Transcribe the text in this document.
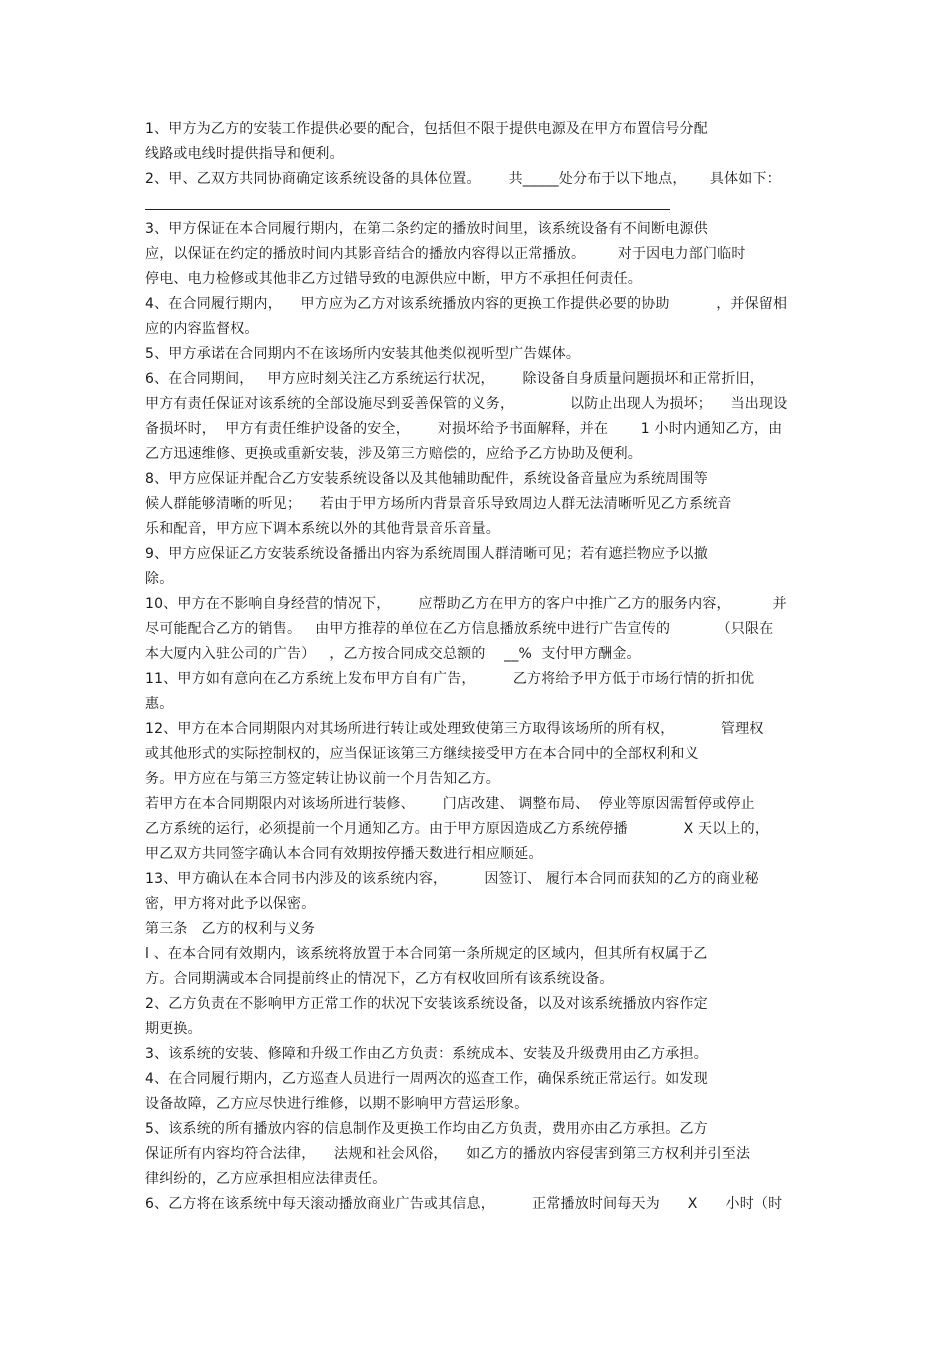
1、甲方为乙方的安装工作提供必要的配合，包括但不限于提供电源及在甲方布置信号分配
线路或电线时提供指导和便利。
2、甲、乙双方共同协商确定该系统设备的具体位置。      共_____处分布于以下地点，     具体如下：
3、甲方保证在本合同履行期内，在第二条约定的播放时间里，该系统设备有不间断电源供
应，以保证在约定的播放时间内其影音结合的播放内容得以正常播放。       对于因电力部门临时
停电、电力检修或其他非乙方过错导致的电源供应中断，甲方不承担任何责任。
4、在合同履行期内，    甲方应为乙方对该系统播放内容的更换工作提供必要的协助          ，并保留相
应的内容监督权。
5、甲方承诺在合同期内不在该场所内安装其他类似视听型广告媒体。
6、在合同期间，   甲方应时刻关注乙方系统运行状况，      除设备自身质量问题损坏和正常折旧，
甲方有责任保证对该系统的全部设施尽到妥善保管的义务，            以防止出现人为损坏；    当出现设
备损坏时，  甲方有责任维护设备的安全，      对损坏给予书面解释，并在       1 小时内通知乙方，由
乙方迅速维修、更换或重新安装，涉及第三方赔偿的，应给予乙方协助及便利。
8、甲方应保证并配合乙方安装系统设备以及其他辅助配件，系统设备音量应为系统周围等
候人群能够清晰的听见；    若由于甲方场所内背景音乐导致周边人群无法清晰听见乙方系统音
乐和配音，甲方应下调本系统以外的其他背景音乐音量。
9、甲方应保证乙方安装系统设备播出内容为系统周围人群清晰可见；若有遮拦物应予以撤
除。
10、甲方在不影响自身经营的情况下，      应帮助乙方在甲方的客户中推广乙方的服务内容，         并
尽可能配合乙方的销售。   由甲方推荐的单位在乙方信息播放系统中进行广告宣传的          （只限在
本大厦内入驻公司的广告）   ，乙方按合同成交总额的    __%  支付甲方酬金。
11、甲方如有意向在乙方系统上发布甲方自有广告，        乙方将给予甲方低于市场行情的折扣优
惠。
12、甲方在本合同期限内对其场所进行转让或处理致使第三方取得该场所的所有权，          管理权
或其他形式的实际控制权的，应当保证该第三方继续接受甲方在本合同中的全部权利和义
务。甲方应在与第三方签定转让协议前一个月告知乙方。
若甲方在本合同期限内对该场所进行装修、      门店改建、 调整布局、  停业等原因需暂停或停止
乙方系统的运行，必须提前一个月通知乙方。由于甲方原因造成乙方系统停播            X 天以上的，
甲乙双方共同签字确认本合同有效期按停播天数进行相应顺延。
13、甲方确认在本合同书内涉及的该系统内容，        因签订、 履行本合同而获知的乙方的商业秘
密，甲方将对此予以保密。
第三条   乙方的权利与义务
l 、在本合同有效期内，该系统将放置于本合同第一条所规定的区域内，但其所有权属于乙
方。合同期满或本合同提前终止的情况下，乙方有权收回所有该系统设备。
2、乙方负责在不影响甲方正常工作的状况下安装该系统设备，以及对该系统播放内容作定
期更换。
3、该系统的安装、修障和升级工作由乙方负责：系统成本、安装及升级费用由乙方承担。
4、在合同履行期内，乙方巡查人员进行一周两次的巡查工作，确保系统正常运行。如发现
设备故障，乙方应尽快进行维修，以期不影响甲方营运形象。
5、该系统的所有播放内容的信息制作及更换工作均由乙方负责，费用亦由乙方承担。乙方
保证所有内容均符合法律，    法规和社会风俗，    如乙方的播放内容侵害到第三方权利并引至法
律纠纷的，乙方应承担相应法律责任。
6、乙方将在该系统中每天滚动播放商业广告或其信息，        正常播放时间每天为      X      小时（时
